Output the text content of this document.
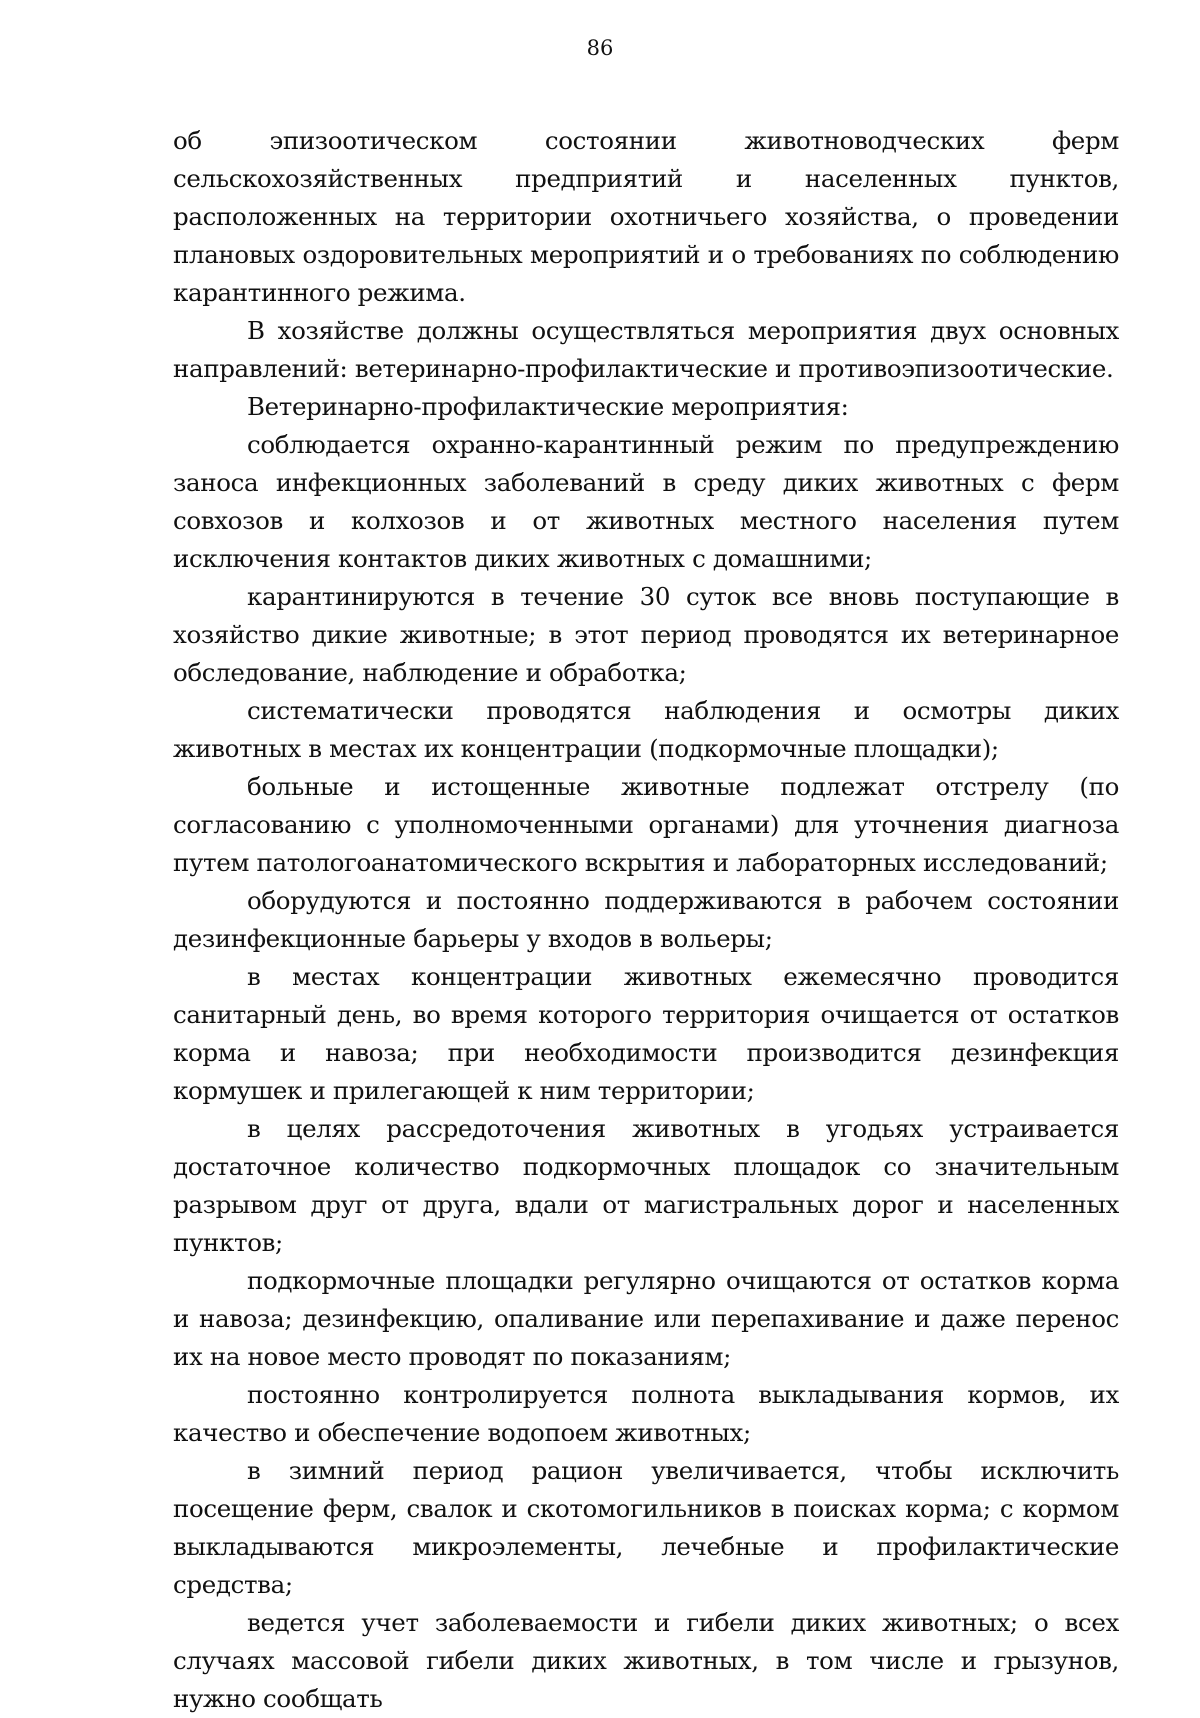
86

об эпизоотическом состоянии животноводческих ферм сельскохозяйственных предприятий и населенных пунктов, расположенных на территории охотничьего хозяйства, о проведении плановых оздоровительных мероприятий и о требованиях по соблюдению карантинного режима.

В хозяйстве должны осуществляться мероприятия двух основных направлений: ветеринарно-профилактические и противоэпизоотические.

Ветеринарно-профилактические мероприятия:

соблюдается охранно-карантинный режим по предупреждению заноса инфекционных заболеваний в среду диких животных с ферм совхозов и колхозов и от животных местного населения путем исключения контактов диких животных с домашними;

карантинируются в течение 30 суток все вновь поступающие в хозяйство дикие животные; в этот период проводятся их ветеринарное обследование, наблюдение и обработка;

систематически проводятся наблюдения и осмотры диких животных в местах их концентрации (подкормочные площадки);

больные и истощенные животные подлежат отстрелу (по согласованию с уполномоченными органами) для уточнения диагноза путем патологоанатомического вскрытия и лабораторных исследований;

оборудуются и постоянно поддерживаются в рабочем состоянии дезинфекционные барьеры у входов в вольеры;

в местах концентрации животных ежемесячно проводится санитарный день, во время которого территория очищается от остатков корма и навоза; при необходимости производится дезинфекция кормушек и прилегающей к ним территории;

в целях рассредоточения животных в угодьях устраивается достаточное количество подкормочных площадок со значительным разрывом друг от друга, вдали от магистральных дорог и населенных пунктов;

подкормочные площадки регулярно очищаются от остатков корма и навоза; дезинфекцию, опаливание или перепахивание и даже перенос их на новое место проводят по показаниям;

постоянно контролируется полнота выкладывания кормов, их качество и обеспечение водопоем животных;

в зимний период рацион увеличивается, чтобы исключить посещение ферм, свалок и скотомогильников в поисках корма; с кормом выкладываются микроэлементы, лечебные и профилактические средства;

ведется учет заболеваемости и гибели диких животных; о всех случаях массовой гибели диких животных, в том числе и грызунов, нужно сообщать
